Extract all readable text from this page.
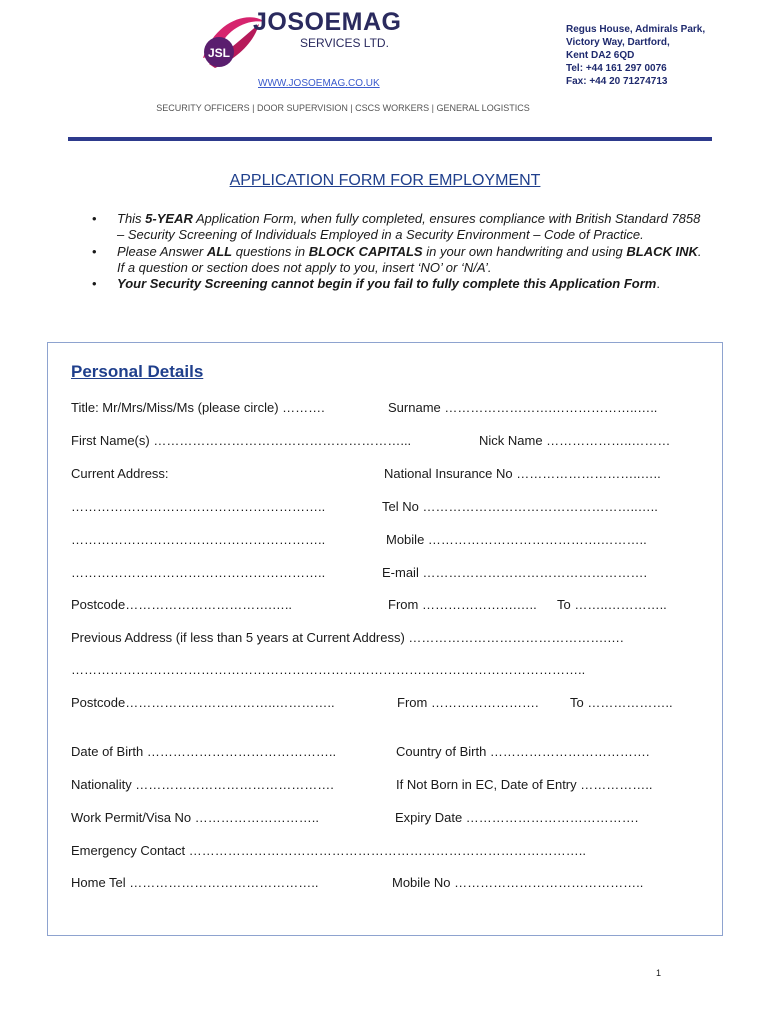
JSL
JOSOEMAG
SERVICES LTD.
WWW.JOSOEMAG.CO.UK
Regus House, Admirals Park,
Victory Way, Dartford,
Kent DA2 6QD
Tel: +44 161 297 0076
Fax: +44 20 71274713
SECURITY OFFICERS | DOOR SUPERVISION | CSCS WORKERS | GENERAL LOGISTICS
APPLICATION FORM FOR EMPLOYMENT
• This 5-YEAR Application Form, when fully completed, ensures compliance with British Standard 7858 – Security Screening of Individuals Employed in a Security Environment – Code of Practice.
• Please Answer ALL questions in BLOCK CAPITALS in your own handwriting and using BLACK INK. If a question or section does not apply to you, insert ‘NO’ or ‘N/A’.
• Your Security Screening cannot begin if you fail to fully complete this Application Form.
Personal Details
Title: Mr/Mrs/Miss/Ms (please circle) ……….	Surname …………………….………………..…..
First Name(s) …………………………………………………...	Nick Name ………………..………
Current Address:	National Insurance No ………………………..…..
…………………………………………………..	Tel No …………………………………………..…..
…………………………………………………..	Mobile ………………………………….………..
…………………………………………………..	E-mail …………………………………………….
Postcode…………………………….…..	From ………………….….. To ……..…………..
Previous Address (if less than 5 years at Current Address) ……………………………………….….
………………………………………………………………………………………………………..
Postcode……………………………..…………..	From ……………………. To ………………..
Date of Birth ……………………………………..	Country of Birth ……………………………….
Nationality ……………………………………….	If Not Born in EC, Date of Entry ……………..
Work Permit/Visa No ………………………..	Expiry Date ………………………………….
Emergency Contact ………………………………………………………………………………..
Home Tel ……………………………………..	Mobile No ……………………………………..
1
